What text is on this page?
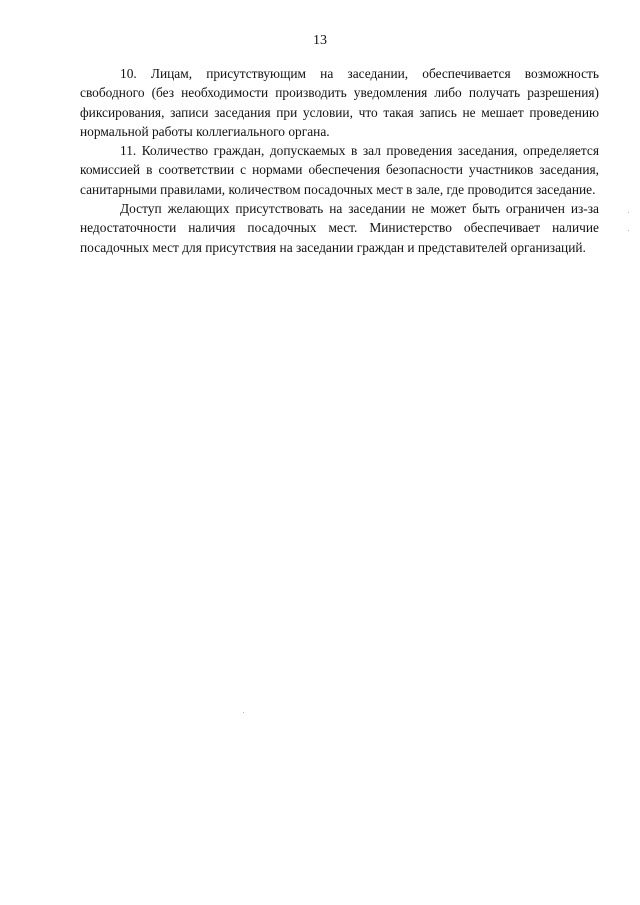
13

10. Лицам, присутствующим на заседании, обеспечивается возможность свободного (без необходимости производить уведомления либо получать разрешения) фиксирования, записи заседания при условии, что такая запись не мешает проведению нормальной работы коллегиального органа.

11. Количество граждан, допускаемых в зал проведения заседания, определяется комиссией в соответствии с нормами обеспечения безопасности участников заседания, санитарными правилами, количеством посадочных мест в зале, где проводится заседание.

Доступ желающих присутствовать на заседании не может быть ограничен из-за недостаточности наличия посадочных мест. Министерство обеспечивает наличие посадочных мест для присутствия на заседании граждан и представителей организаций.
